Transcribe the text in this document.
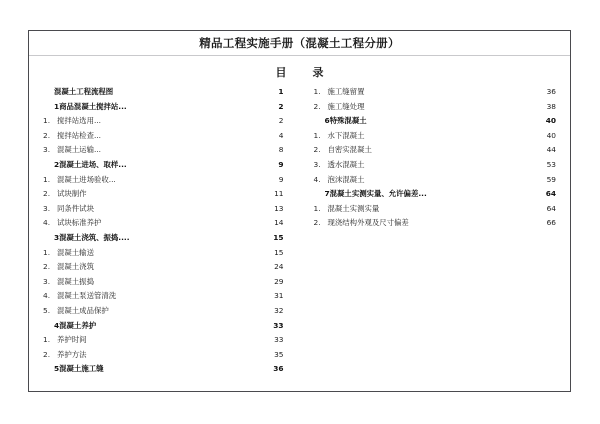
精品工程实施手册（混凝土工程分册）
目 录
混凝土工程流程图	1
1商品混凝土搅拌站...	2
1. 搅拌站选用...	2
2. 搅拌站检查...	4
3. 混凝土运输...	8
2混凝土进场、取样...	9
1. 混凝土进场验收...	9
2. 试块制作	11
3. 同条件试块	13
4. 试块标准养护	14
3混凝土浇筑、振捣....	15
1. 混凝土输送	15
2. 混凝土浇筑	24
3. 混凝土振捣	29
4. 混凝土泵送管清洗	31
5. 混凝土成品保护	32
4混凝土养护	33
1. 养护时间	33
2. 养护方法	35
5混凝土施工缝	36
1. 施工缝留置	36
2. 施工缝处理	38
6特殊混凝土	40
1. 水下混凝土	40
2. 自密实混凝土	44
3. 透水混凝土	53
4. 泡沫混凝土	59
7混凝土实测实量、允许偏差...	64
1. 混凝土实测实量	64
2. 现浇结构外观及尺寸偏差	66
